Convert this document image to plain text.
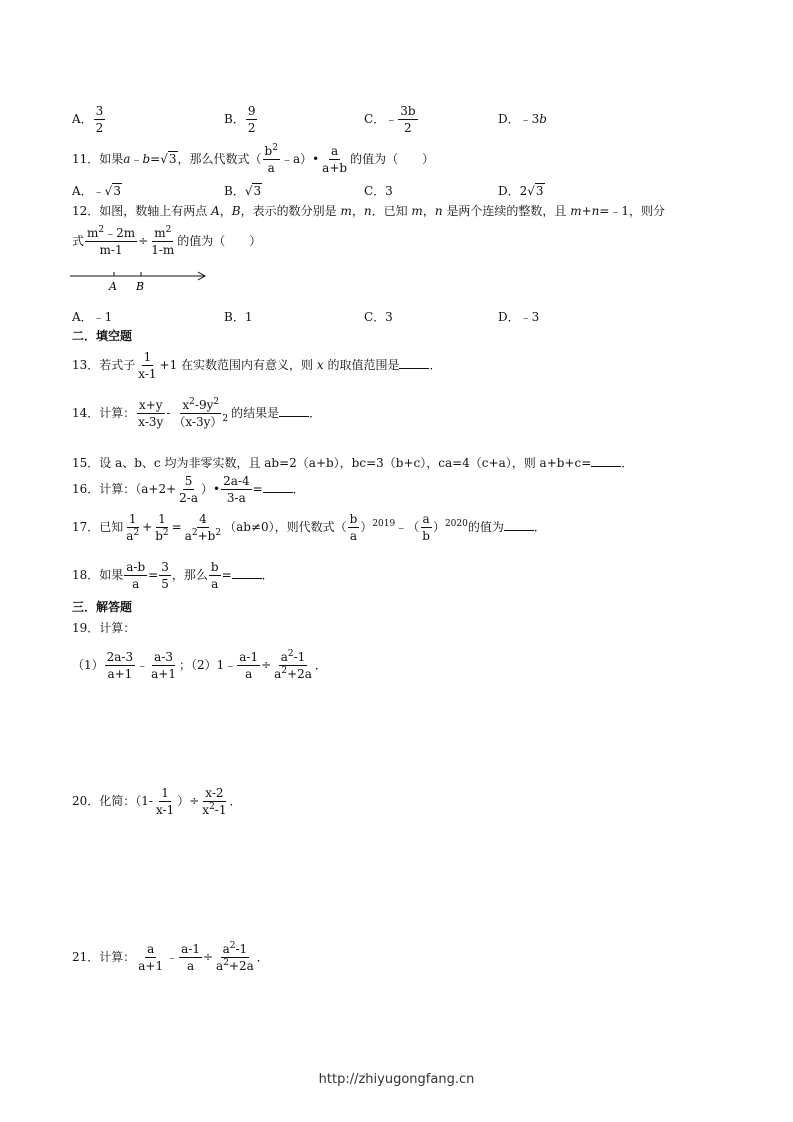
A． $\frac{3}{2}$	B． $\frac{9}{2}$	C．﹣ $\frac{3b}{2}$	D．﹣3b
11．如果a﹣b=√3，那么代数式（ $\frac{b^2}{a}$ ﹣a）• $\frac{a}{a+b}$ 的值为（　　）
A．﹣√3	B．√3	C．3	D．2√3
12．如图，数轴上有两点 A，B，表示的数分别是 m，n．已知 m，n 是两个连续的整数，且 m+n=﹣1，则分
式 $\frac{m^2﹣2m}{m-1} \div \frac{m^2}{1-m}$ 的值为（　　）
A B
A．﹣1	B．1	C．3	D．﹣3
二．填空题
13．若式子 $\frac{1}{x-1} +1$ 在实数范围内有意义，则 x 的取值范围是	．
14．计算： $\frac{x+y}{x-3y} - \frac{x^2-9y^2}{(x-3y)^2}$ 的结果是	．
15．设 a、b、c 均为非零实数，且 ab=2（a+b），bc=3（b+c），ca=4（c+a），则 a+b+c=	．
16．计算：（$a+2+ \frac{5}{2-a}$ ）• $\frac{2a-4}{3-a}$ =	．
17．已知 $\frac{1}{a^2} + \frac{1}{b^2} = \frac{4}{a^2+b^2} (ab\ne 0)$，则代数式（ $\frac{b}{a}$ ）$^{2019}$﹣（ $\frac{a}{b} )^{2020}$的值为	．
18．如果 $\frac{a-b}{a} = \frac{3}{5}$ ，那么 $\frac{b}{a}$ =	．
三．解答题
19．计算：
$(1) \frac{2a-3}{a+1}$ ﹣ $\frac{a-3}{a+1}$ ；（2）1﹣ $\frac{a-1}{a} \div \frac{a^2-1}{a^2+2a}$ ．
20．化简：（$1- \frac{1}{x-1}$ ）÷ $\frac{x-2}{x^2-1}$ ．
21．计算： $\frac{a}{a+1}$ ﹣ $\frac{a-1}{a} \div \frac{a^2-1}{a^2+2a}$ ．
http://zhiyugongfang.cn
